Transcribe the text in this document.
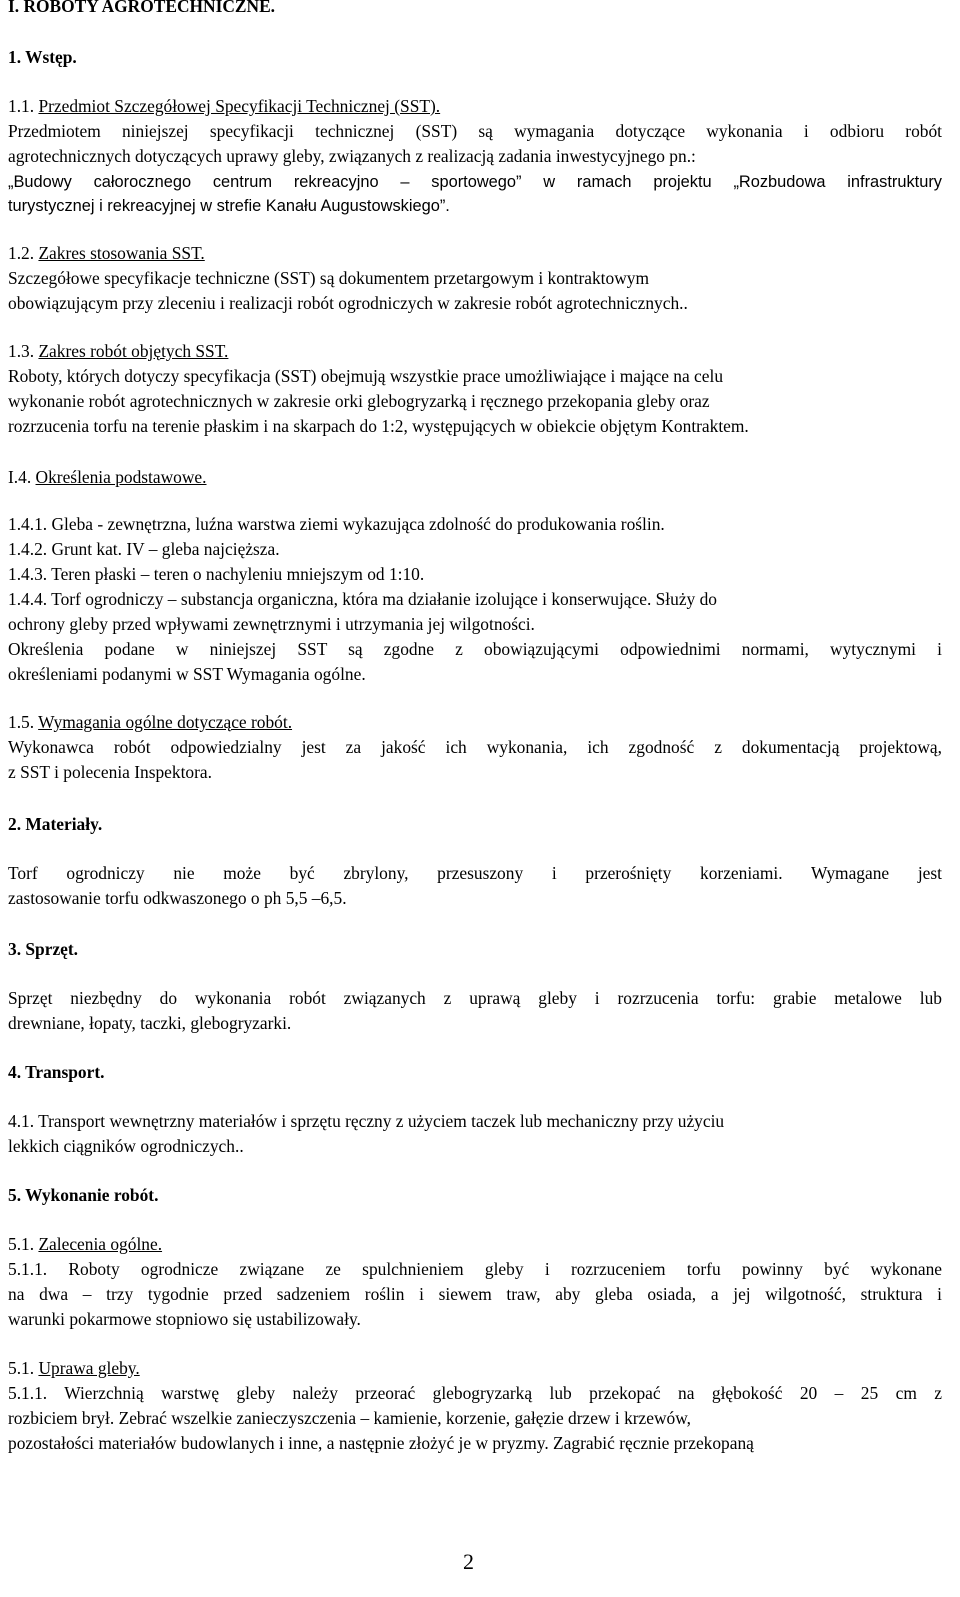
I. ROBOTY AGROTECHNICZNE.
1. Wstęp.
1.1. Przedmiot Szczegółowej Specyfikacji Technicznej (SST).
Przedmiotem niniejszej specyfikacji technicznej (SST) są wymagania dotyczące wykonania i odbioru robót
agrotechnicznych dotyczących uprawy gleby, związanych z realizacją zadania inwestycyjnego pn.:
„Budowy całorocznego centrum rekreacyjno – sportowego” w ramach projektu „Rozbudowa infrastruktury
turystycznej i rekreacyjnej w strefie Kanału Augustowskiego”.
1.2. Zakres stosowania SST.
Szczegółowe specyfikacje techniczne (SST) są dokumentem przetargowym i kontraktowym
obowiązującym przy zleceniu i realizacji robót ogrodniczych w zakresie robót agrotechnicznych..
1.3. Zakres robót objętych SST.
Roboty, których dotyczy specyfikacja (SST) obejmują wszystkie prace umożliwiające i mające na celu
wykonanie robót agrotechnicznych w zakresie orki glebogryzarką i ręcznego przekopania gleby oraz
rozrzucenia torfu na terenie płaskim i na skarpach do 1:2, występujących w obiekcie objętym Kontraktem.
I.4. Określenia podstawowe.
1.4.1. Gleba - zewnętrzna, luźna warstwa ziemi wykazująca zdolność do produkowania roślin.
1.4.2. Grunt kat. IV – gleba najcięższa.
1.4.3. Teren płaski – teren o nachyleniu mniejszym od 1:10.
1.4.4. Torf ogrodniczy – substancja organiczna, która ma działanie izolujące i konserwujące. Służy do
ochrony gleby przed wpływami zewnętrznymi i utrzymania jej wilgotności.
Określenia podane w niniejszej SST są zgodne z obowiązującymi odpowiednimi normami, wytycznymi i
określeniami podanymi w SST Wymagania ogólne.
1.5. Wymagania ogólne dotyczące robót.
Wykonawca robót odpowiedzialny jest za jakość ich wykonania, ich zgodność z dokumentacją projektową,
z SST i polecenia Inspektora.
2. Materiały.
Torf ogrodniczy nie może być zbrylony, przesuszony i przerośnięty korzeniami. Wymagane jest
zastosowanie torfu odkwaszonego o ph 5,5 –6,5.
3. Sprzęt.
Sprzęt niezbędny do wykonania robót związanych z uprawą gleby i rozrzucenia torfu: grabie metalowe lub
drewniane, łopaty, taczki, glebogryzarki.
4. Transport.
4.1. Transport wewnętrzny materiałów i sprzętu ręczny z użyciem taczek lub mechaniczny przy użyciu
lekkich ciągników ogrodniczych..
5. Wykonanie robót.
5.1. Zalecenia ogólne.
5.1.1. Roboty ogrodnicze związane ze spulchnieniem gleby i rozrzuceniem torfu powinny być wykonane
na dwa – trzy tygodnie przed sadzeniem roślin i siewem traw, aby gleba osiada, a jej wilgotność, struktura i
warunki pokarmowe stopniowo się ustabilizowały.
5.1. Uprawa gleby.
5.1.1. Wierzchnią warstwę gleby należy przeorać glebogryzarką lub przekopać na głębokość 20 – 25 cm z
rozbiciem brył. Zebrać wszelkie zanieczyszczenia – kamienie, korzenie, gałęzie drzew i krzewów,
pozostałości materiałów budowlanych i inne, a następnie złożyć je w pryzmy. Zagrabić ręcznie przekopaną
2
